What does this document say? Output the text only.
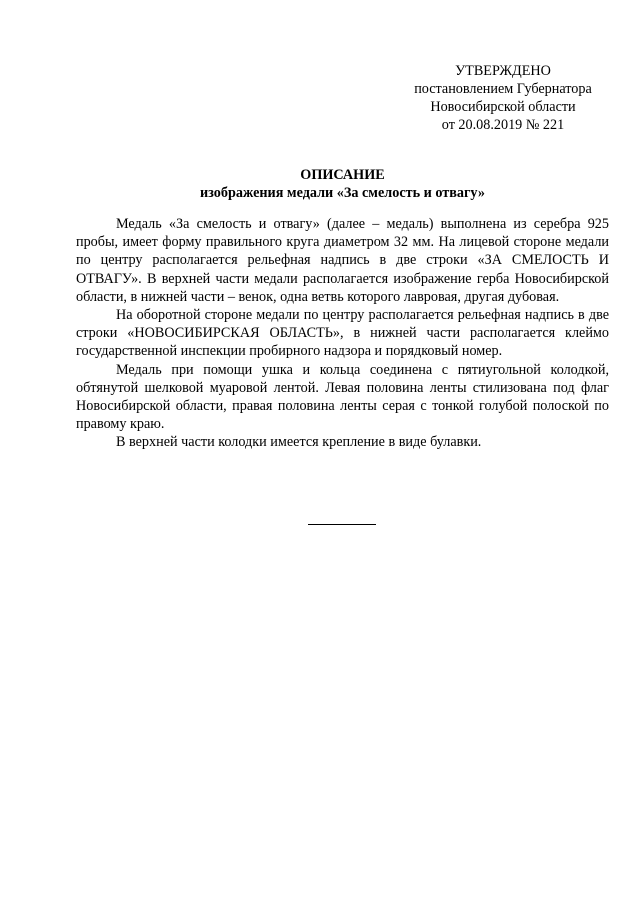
УТВЕРЖДЕНО
постановлением Губернатора
Новосибирской области
от 20.08.2019 № 221
ОПИСАНИЕ
изображения медали «За смелость и отвагу»

Медаль «За смелость и отвагу» (далее – медаль) выполнена из серебра 925 пробы, имеет форму правильного круга диаметром 32 мм. На лицевой стороне медали по центру располагается рельефная надпись в две строки «ЗА СМЕЛОСТЬ И ОТВАГУ». В верхней части медали располагается изображение герба Новосибирской области, в нижней части – венок, одна ветвь которого лавровая, другая дубовая.

На оборотной стороне медали по центру располагается рельефная надпись в две строки «НОВОСИБИРСКАЯ ОБЛАСТЬ», в нижней части располагается клеймо государственной инспекции пробирного надзора и порядковый номер.

Медаль при помощи ушка и кольца соединена с пятиугольной колодкой, обтянутой шелковой муаровой лентой. Левая половина ленты стилизована под флаг Новосибирской области, правая половина ленты серая с тонкой голубой полоской по правому краю.

В верхней части колодки имеется крепление в виде булавки.
